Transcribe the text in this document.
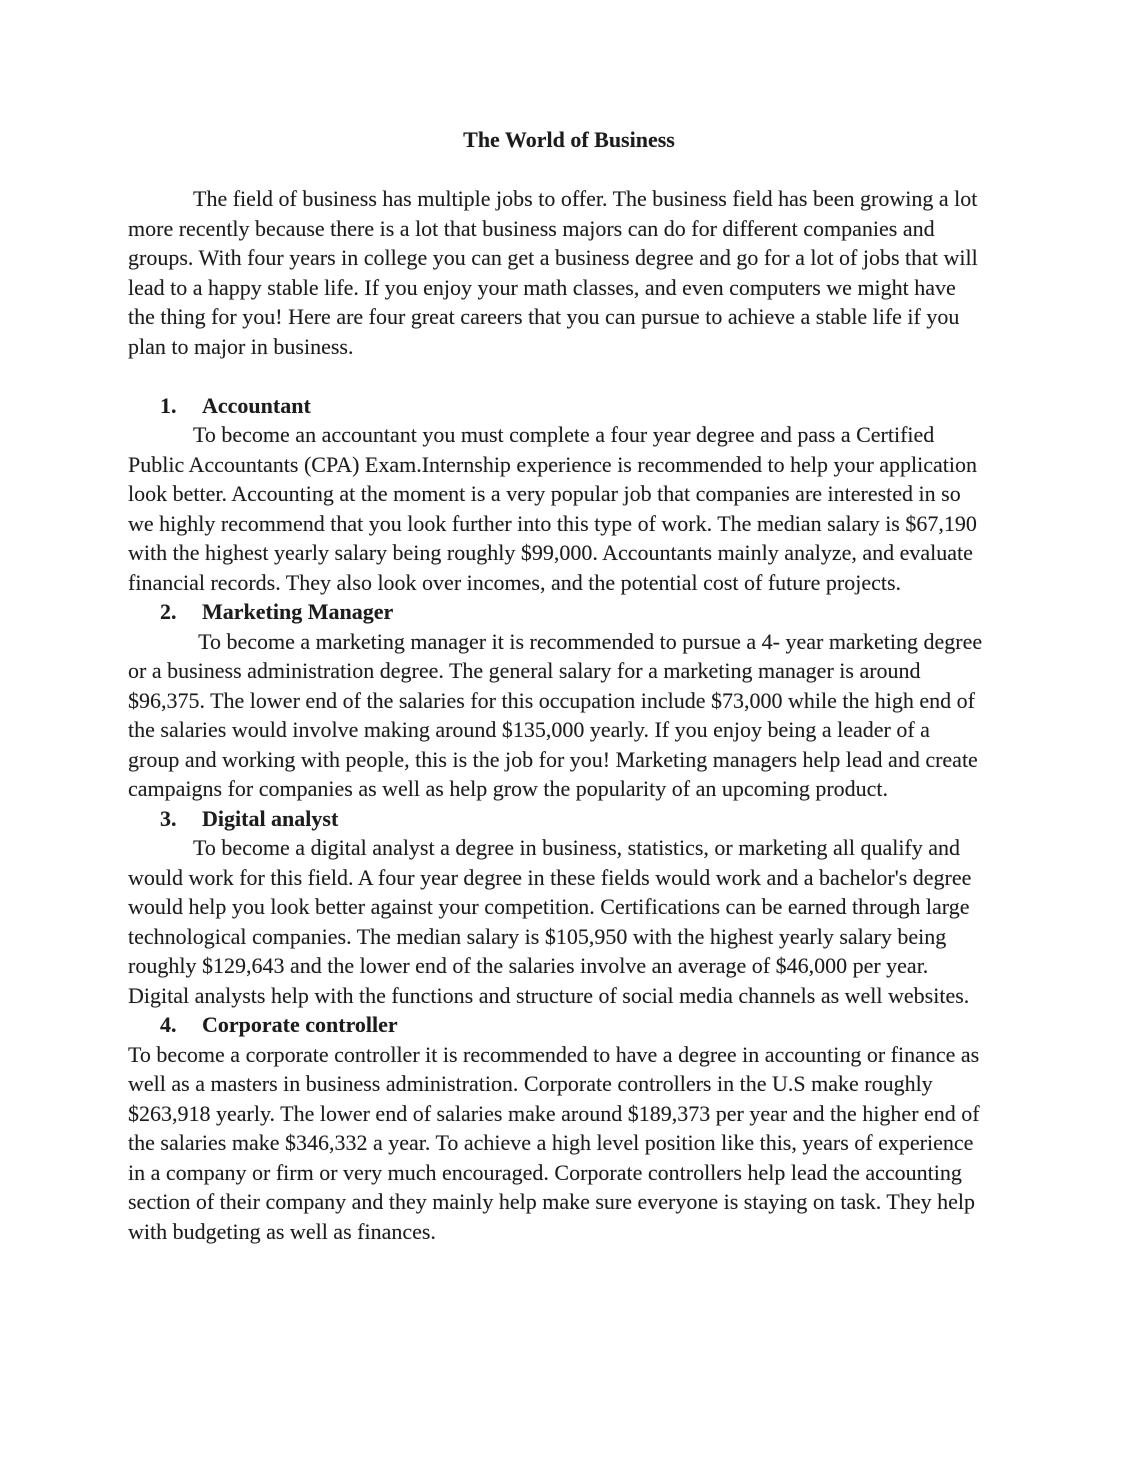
The World of Business
The field of business has multiple jobs to offer. The business field has been growing a lot
more recently because there is a lot that business majors can do for different companies and
groups. With four years in college you can get a business degree and go for a lot of jobs that will
lead to a happy stable life. If you enjoy your math classes, and even computers we might have
the thing for you! Here are four great careers that you can pursue to achieve a stable life if you
plan to major in business.
1. Accountant
To become an accountant you must complete a four year degree and pass a Certified
Public Accountants (CPA) Exam.Internship experience is recommended to help your application
look better. Accounting at the moment is a very popular job that companies are interested in so
we highly recommend that you look further into this type of work. The median salary is $67,190
with the highest yearly salary being roughly $99,000. Accountants mainly analyze, and evaluate
financial records. They also look over incomes, and the potential cost of future projects.
2. Marketing Manager
To become a marketing manager it is recommended to pursue a 4- year marketing degree
or a business administration degree. The general salary for a marketing manager is around
$96,375. The lower end of the salaries for this occupation include $73,000 while the high end of
the salaries would involve making around $135,000 yearly. If you enjoy being a leader of a
group and working with people, this is the job for you! Marketing managers help lead and create
campaigns for companies as well as help grow the popularity of an upcoming product.
3. Digital analyst
To become a digital analyst a degree in business, statistics, or marketing all qualify and
would work for this field. A four year degree in these fields would work and a bachelor's degree
would help you look better against your competition. Certifications can be earned through large
technological companies. The median salary is $105,950 with the highest yearly salary being
roughly $129,643 and the lower end of the salaries involve an average of $46,000 per year.
Digital analysts help with the functions and structure of social media channels as well websites.
4. Corporate controller
To become a corporate controller it is recommended to have a degree in accounting or finance as
well as a masters in business administration. Corporate controllers in the U.S make roughly
$263,918 yearly. The lower end of salaries make around $189,373 per year and the higher end of
the salaries make $346,332 a year. To achieve a high level position like this, years of experience
in a company or firm or very much encouraged. Corporate controllers help lead the accounting
section of their company and they mainly help make sure everyone is staying on task. They help
with budgeting as well as finances.
